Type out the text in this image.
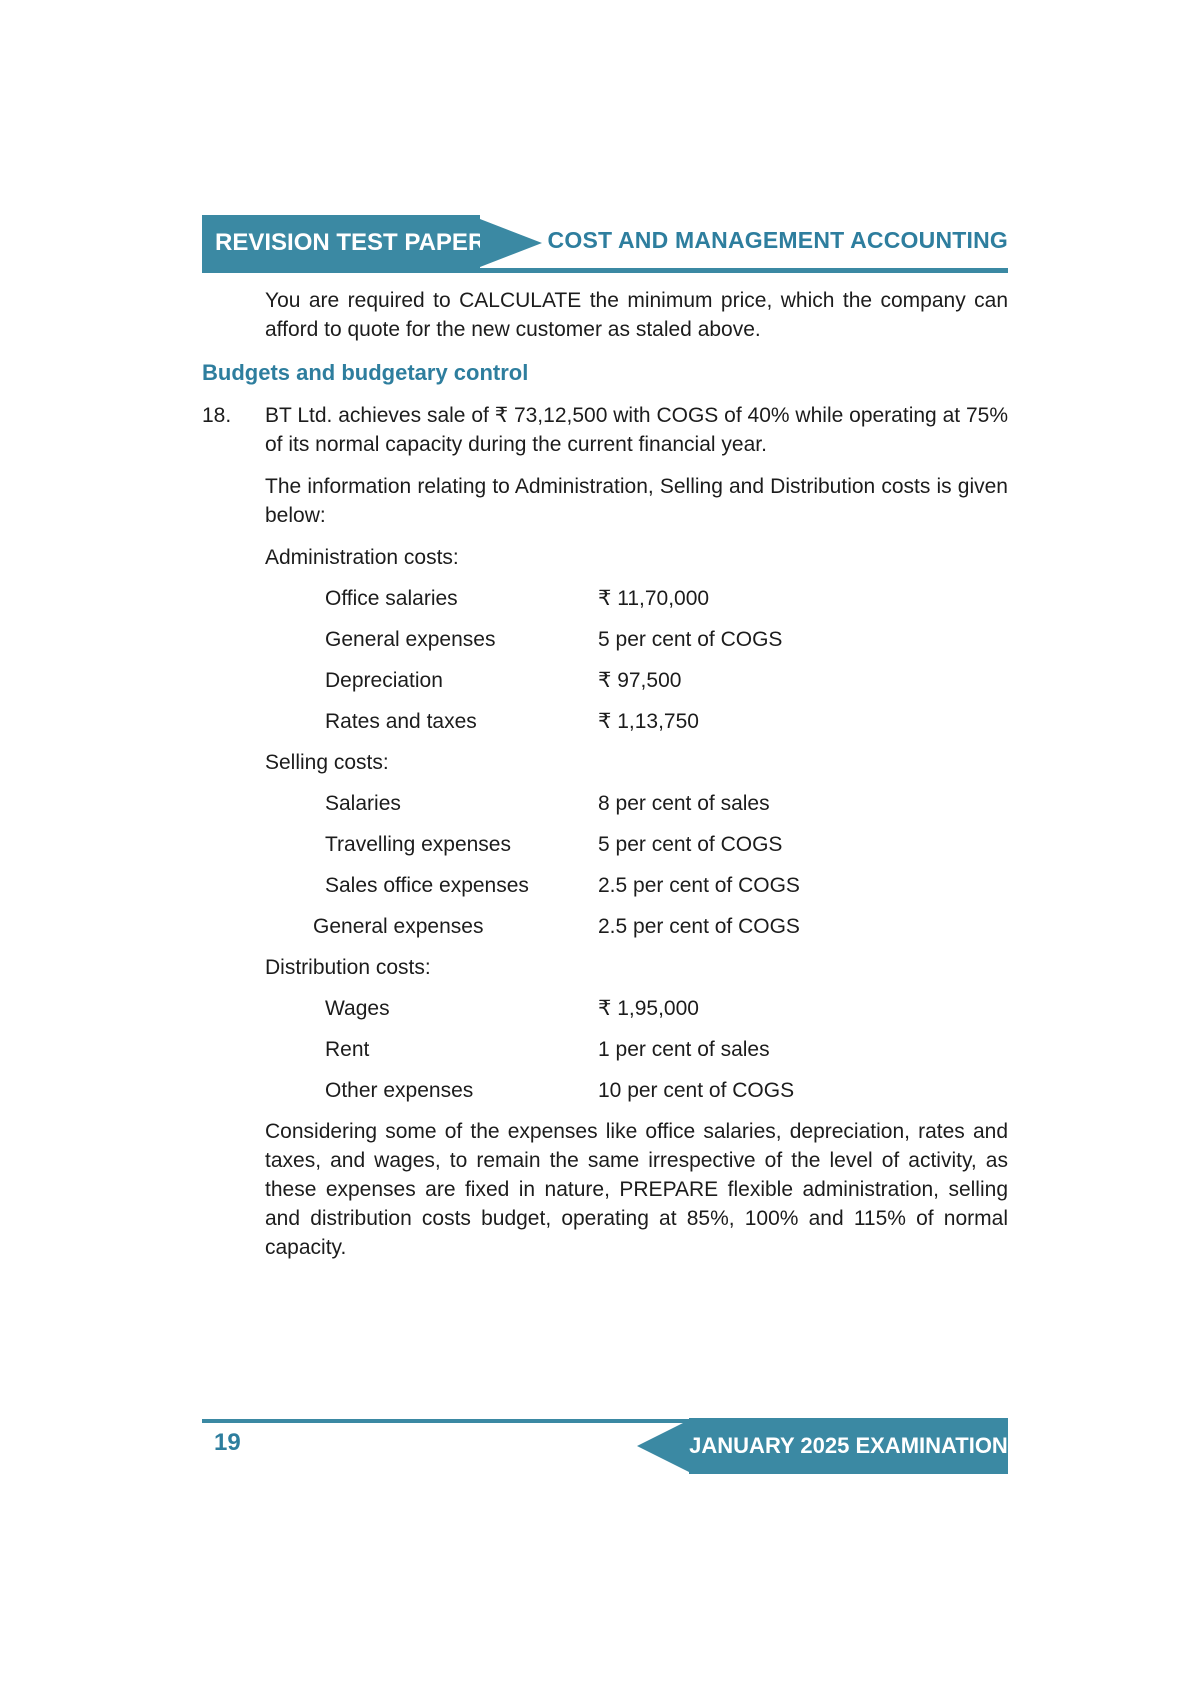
REVISION TEST PAPER	COST AND MANAGEMENT ACCOUNTING

You are required to CALCULATE the minimum price, which the company can afford to quote for the new customer as staled above.

Budgets and budgetary control
18. BT Ltd. achieves sale of ₹ 73,12,500 with COGS of 40% while operating at 75% of its normal capacity during the current financial year.

The information relating to Administration, Selling and Distribution costs is given below:

Administration costs:
Office salaries	₹ 11,70,000
General expenses	5 per cent of COGS
Depreciation	₹ 97,500
Rates and taxes	₹ 1,13,750
Selling costs:
Salaries	8 per cent of sales
Travelling expenses	5 per cent of COGS
Sales office expenses	2.5 per cent of COGS
General expenses	2.5 per cent of COGS
Distribution costs:
Wages	₹ 1,95,000
Rent	1 per cent of sales
Other expenses	10 per cent of COGS

Considering some of the expenses like office salaries, depreciation, rates and taxes, and wages, to remain the same irrespective of the level of activity, as these expenses are fixed in nature, PREPARE flexible administration, selling and distribution costs budget, operating at 85%, 100% and 115% of normal capacity.

JANUARY 2025 EXAMINATION
19
